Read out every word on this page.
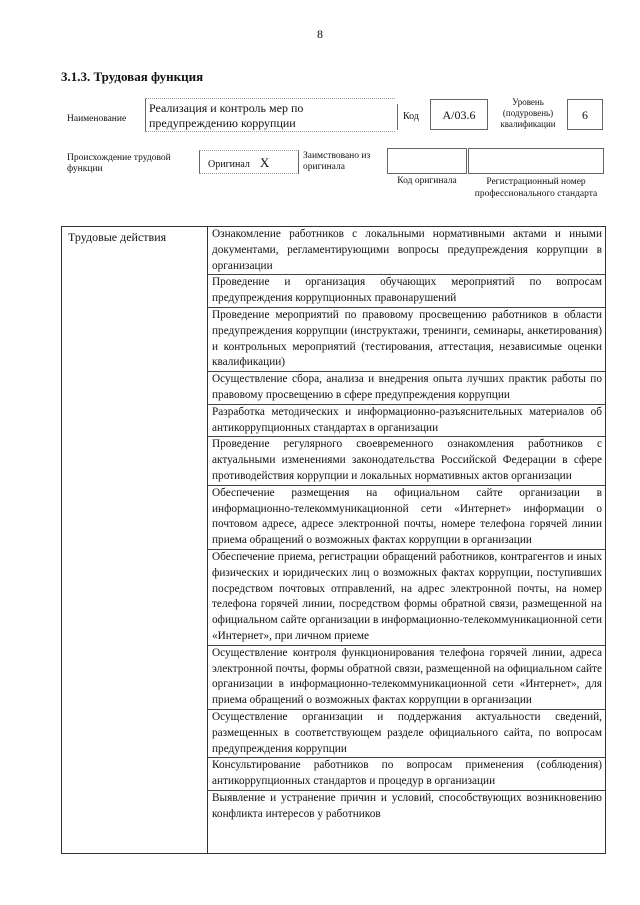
8
3.1.3. Трудовая функция
Наименование
Реализация и контроль мер по предупреждению коррупции	Код	А/03.6
Уровень (подуровень) квалификации
6
Происхождение трудовой функции	Оригинал X	Заимствовано из оригинала
Код оригинала	Регистрационный номер профессионального стандарта
Трудовые действия	Ознакомление работников с локальными нормативными актами и иными документами, регламентирующими вопросы предупреждения коррупции в организации
Проведение и организация обучающих мероприятий по вопросам предупреждения коррупционных правонарушений
Проведение мероприятий по правовому просвещению работников в области предупреждения коррупции (инструктажи, тренинги, семинары, анкетирования) и контрольных мероприятий (тестирования, аттестация, независимые оценки квалификации)
Осуществление сбора, анализа и внедрения опыта лучших практик работы по правовому просвещению в сфере предупреждения коррупции
Разработка методических и информационно-разъяснительных материалов об антикоррупционных стандартах в организации
Проведение регулярного своевременного ознакомления работников с актуальными изменениями законодательства Российской Федерации в сфере противодействия коррупции и локальных нормативных актов организации
Обеспечение размещения на официальном сайте организации в информационно-телекоммуникационной сети «Интернет» информации о почтовом адресе, адресе электронной почты, номере телефона горячей линии приема обращений о возможных фактах коррупции в организации
Обеспечение приема, регистрации обращений работников, контрагентов и иных физических и юридических лиц о возможных фактах коррупции, поступивших посредством почтовых отправлений, на адрес электронной почты, на номер телефона горячей линии, посредством формы обратной связи, размещенной на официальном сайте организации в информационно-телекоммуникационной сети «Интернет», при личном приеме
Осуществление контроля функционирования телефона горячей линии, адреса электронной почты, формы обратной связи, размещенной на официальном сайте организации в информационно-телекоммуникационной сети «Интернет», для приема обращений о возможных фактах коррупции в организации
Осуществление организации и поддержания актуальности сведений, размещенных в соответствующем разделе официального сайта, по вопросам предупреждения коррупции
Консультирование работников по вопросам применения (соблюдения) антикоррупционных стандартов и процедур в организации
Выявление и устранение причин и условий, способствующих возникновению конфликта интересов у работников
